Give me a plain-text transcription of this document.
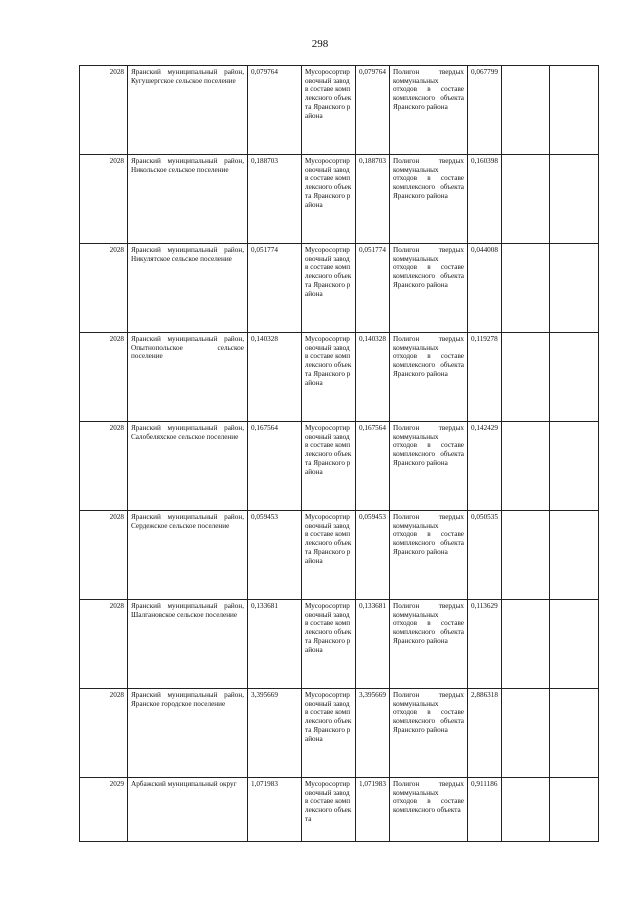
298
2028	Яранский муниципальный район, Кугушергское сельское поселение	0,079764	Мусоросортировочный завод в составе комплексного объекта Яранского района	0,079764	Полигон твердых коммунальных отходов в составе комплексного объекта Яранского района	0,067799		
2028	Яранский муниципальный район, Никольское сельское поселение	0,188703	Мусоросортировочный завод в составе комплексного объекта Яранского района	0,188703	Полигон твердых коммунальных отходов в составе комплексного объекта Яранского района	0,160398		
2028	Яранский муниципальный район, Никулятское сельское поселение	0,051774	Мусоросортировочный завод в составе комплексного объекта Яранского района	0,051774	Полигон твердых коммунальных отходов в составе комплексного объекта Яранского района	0,044008		
2028	Яранский муниципальный район, Опытнопольское сельское поселение	0,140328	Мусоросортировочный завод в составе комплексного объекта Яранского района	0,140328	Полигон твердых коммунальных отходов в составе комплексного объекта Яранского района	0,119278		
2028	Яранский муниципальный район, Салобеляхское сельское поселение	0,167564	Мусоросортировочный завод в составе комплексного объекта Яранского района	0,167564	Полигон твердых коммунальных отходов в составе комплексного объекта Яранского района	0,142429		
2028	Яранский муниципальный район, Сердежское сельское поселение	0,059453	Мусоросортировочный завод в составе комплексного объекта Яранского района	0,059453	Полигон твердых коммунальных отходов в составе комплексного объекта Яранского района	0,050535		
2028	Яранский муниципальный район, Шалгановское сельское поселение	0,133681	Мусоросортировочный завод в составе комплексного объекта Яранского района	0,133681	Полигон твердых коммунальных отходов в составе комплексного объекта Яранского района	0,113629		
2028	Яранский муниципальный район, Яранское городское поселение	3,395669	Мусоросортировочный завод в составе комплексного объекта Яранского района	3,395669	Полигон твердых коммунальных отходов в составе комплексного объекта Яранского района	2,886318		
2029	Арбажский муниципальный округ	1,071983	Мусоросортировочный завод в составе комплексного объекта	1,071983	Полигон твердых коммунальных отходов в составе комплексного объекта	0,911186		
